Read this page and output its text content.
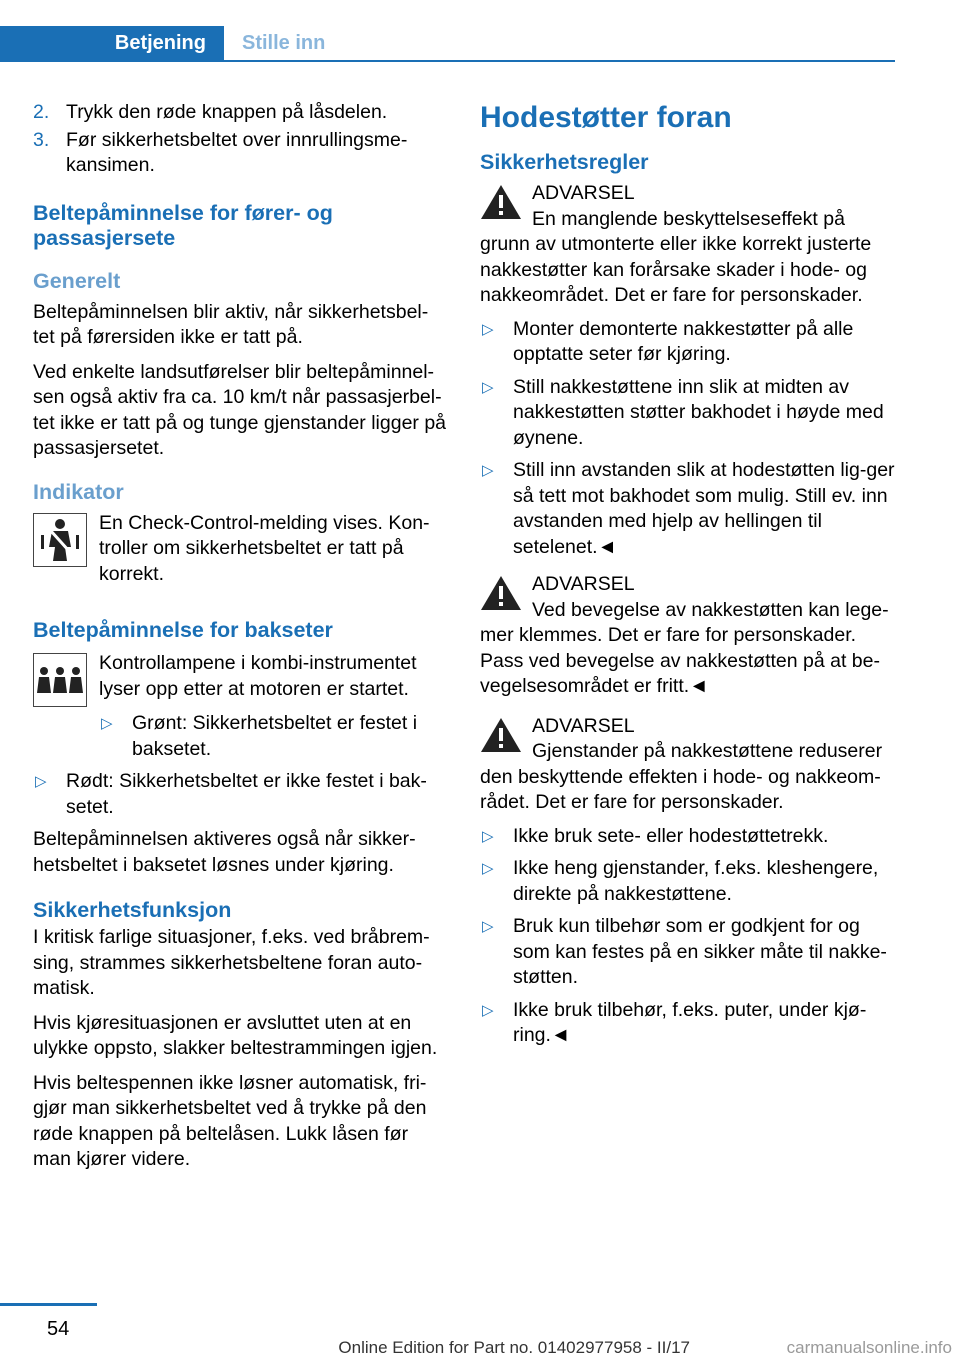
Betjening	Stille inn
2. Trykk den røde knappen på låsdelen.
3. Før sikkerhetsbeltet over innrullingsme‐kansimen.
Beltepåminnelse for fører- og passasjersete
Generelt

Beltepåminnelsen blir aktiv, når sikkerhetsbel‐tet på førersiden ikke er tatt på.

Ved enkelte landsutførelser blir beltepåminnel‐sen også aktiv fra ca. 10 km/t når passasjerbel‐tet ikke er tatt på og tunge gjenstander ligger på passasjersetet.

Indikator

En Check-Control-melding vises. Kon‐troller om sikkerhetsbeltet er tatt på korrekt.

Beltepåminnelse for bakseter

Kontrollampene i kombi-instrumentet lyser opp etter at motoren er startet.

▷ Grønt: Sikkerhetsbeltet er festet i baksetet.
▷ Rødt: Sikkerhetsbeltet er ikke festet i bak‐setet.

Beltepåminnelsen aktiveres også når sikker‐hetsbeltet i baksetet løsnes under kjøring.

Sikkerhetsfunksjon

I kritisk farlige situasjoner, f.eks. ved bråbrem‐sing, strammes sikkerhetsbeltene foran auto‐matisk.

Hvis kjøresituasjonen er avsluttet uten at en ulykke oppsto, slakker beltestrammingen igjen.

Hvis beltespennen ikke løsner automatisk, fri‐gjør man sikkerhetsbeltet ved å trykke på den røde knappen på beltelåsen. Lukk låsen før man kjører videre.

Hodestøtter foran
Sikkerhetsregler
ADVARSEL
En manglende beskyttelseseffekt på grunn av utmonterte eller ikke korrekt justerte nakkestøtter kan forårsake skader i hode- og nakkeområdet. Det er fare for personskader.
▷ Monter demonterte nakkestøtter på alle opptatte seter før kjøring.
▷ Still nakkestøttene inn slik at midten av nakkestøtten støtter bakhodet i høyde med øynene.
▷ Still inn avstanden slik at hodestøtten lig‐ger så tett mot bakhodet som mulig. Still ev. inn avstanden med hjelp av hellingen til setelenet.◄
ADVARSEL
Ved bevegelse av nakkestøtten kan lege‐mer klemmes. Det er fare for personskader. Pass ved bevegelse av nakkestøtten på at be‐vegelsesområdet er fritt.◄
ADVARSEL
Gjenstander på nakkestøttene reduserer den beskyttende effekten i hode- og nakkeom‐rådet. Det er fare for personskader.
▷ Ikke bruk sete- eller hodestøttetrekk.
▷ Ikke heng gjenstander, f.eks. kleshengere, direkte på nakkestøttene.
▷ Bruk kun tilbehør som er godkjent for og som kan festes på en sikker måte til nakke‐støtten.
▷ Ikke bruk tilbehør, f.eks. puter, under kjø‐ring.◄
54
Online Edition for Part no. 01402977958 - II/17	carmanualsonline.info
